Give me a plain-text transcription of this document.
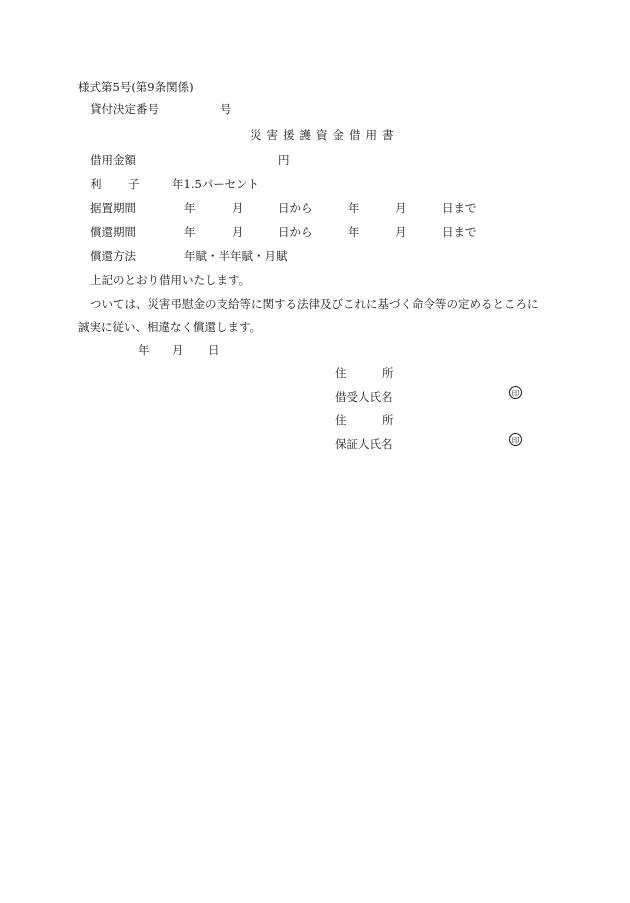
様式第5号(第9条関係)
貸付決定番号	号
災害援護資金借用書
借用金額	円
利 子	年1.5パーセント
据置期間	年	月	日から	年	月	日まで
償還期間	年	月	日から	年	月	日まで
償還方法	年賦・半年賦・月賦
上記のとおり借用いたします。
ついては、災害弔慰金の支給等に関する法律及びこれに基づく命令等の定めるところに
誠実に従い、相違なく償還します。
年 月 日
住	所
借受人氏名	印
住	所
保証人氏名	印
